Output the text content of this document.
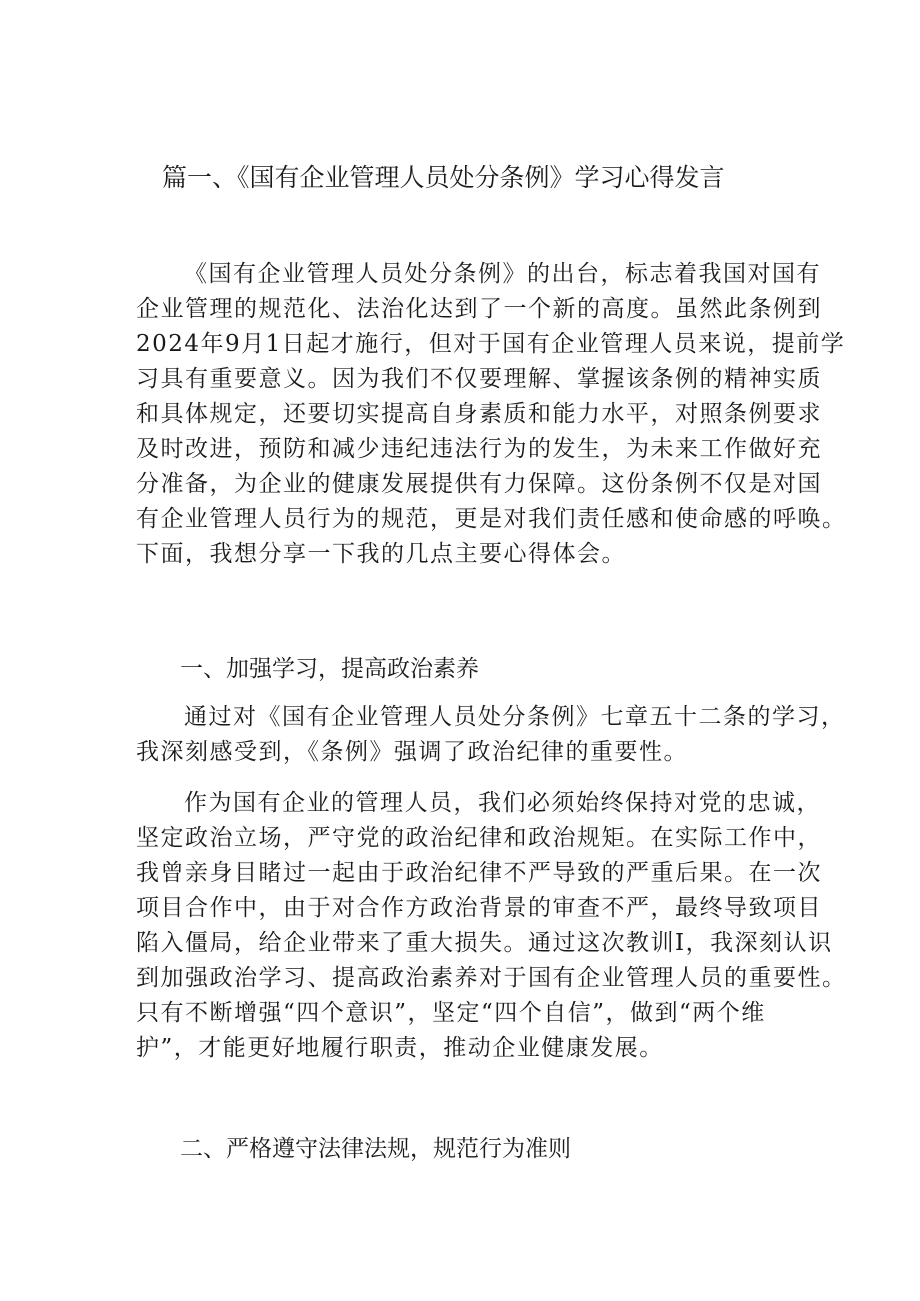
篇一、《国有企业管理人员处分条例》学习心得发言
《国有企业管理人员处分条例》的出台，标志着我国对国有
企业管理的规范化、法治化达到了一个新的高度。虽然此条例到
2024年9月1日起才施行，但对于国有企业管理人员来说，提前学
习具有重要意义。因为我们不仅要理解、掌握该条例的精神实质
和具体规定，还要切实提高自身素质和能力水平，对照条例要求
及时改进，预防和减少违纪违法行为的发生，为未来工作做好充
分准备，为企业的健康发展提供有力保障。这份条例不仅是对国
有企业管理人员行为的规范，更是对我们责任感和使命感的呼唤。
下面，我想分享一下我的几点主要心得体会。
一、加强学习，提高政治素养
通过对《国有企业管理人员处分条例》七章五十二条的学习，
我深刻感受到，《条例》强调了政治纪律的重要性。
作为国有企业的管理人员，我们必须始终保持对党的忠诚，
坚定政治立场，严守党的政治纪律和政治规矩。在实际工作中，
我曾亲身目睹过一起由于政治纪律不严导致的严重后果。在一次
项目合作中，由于对合作方政治背景的审查不严，最终导致项目
陷入僵局，给企业带来了重大损失。通过这次教训I，我深刻认识
到加强政治学习、提高政治素养对于国有企业管理人员的重要性。
只有不断增强“四个意识”，坚定“四个自信”，做到“两个维
护”，才能更好地履行职责，推动企业健康发展。
二、严格遵守法律法规，规范行为准则
